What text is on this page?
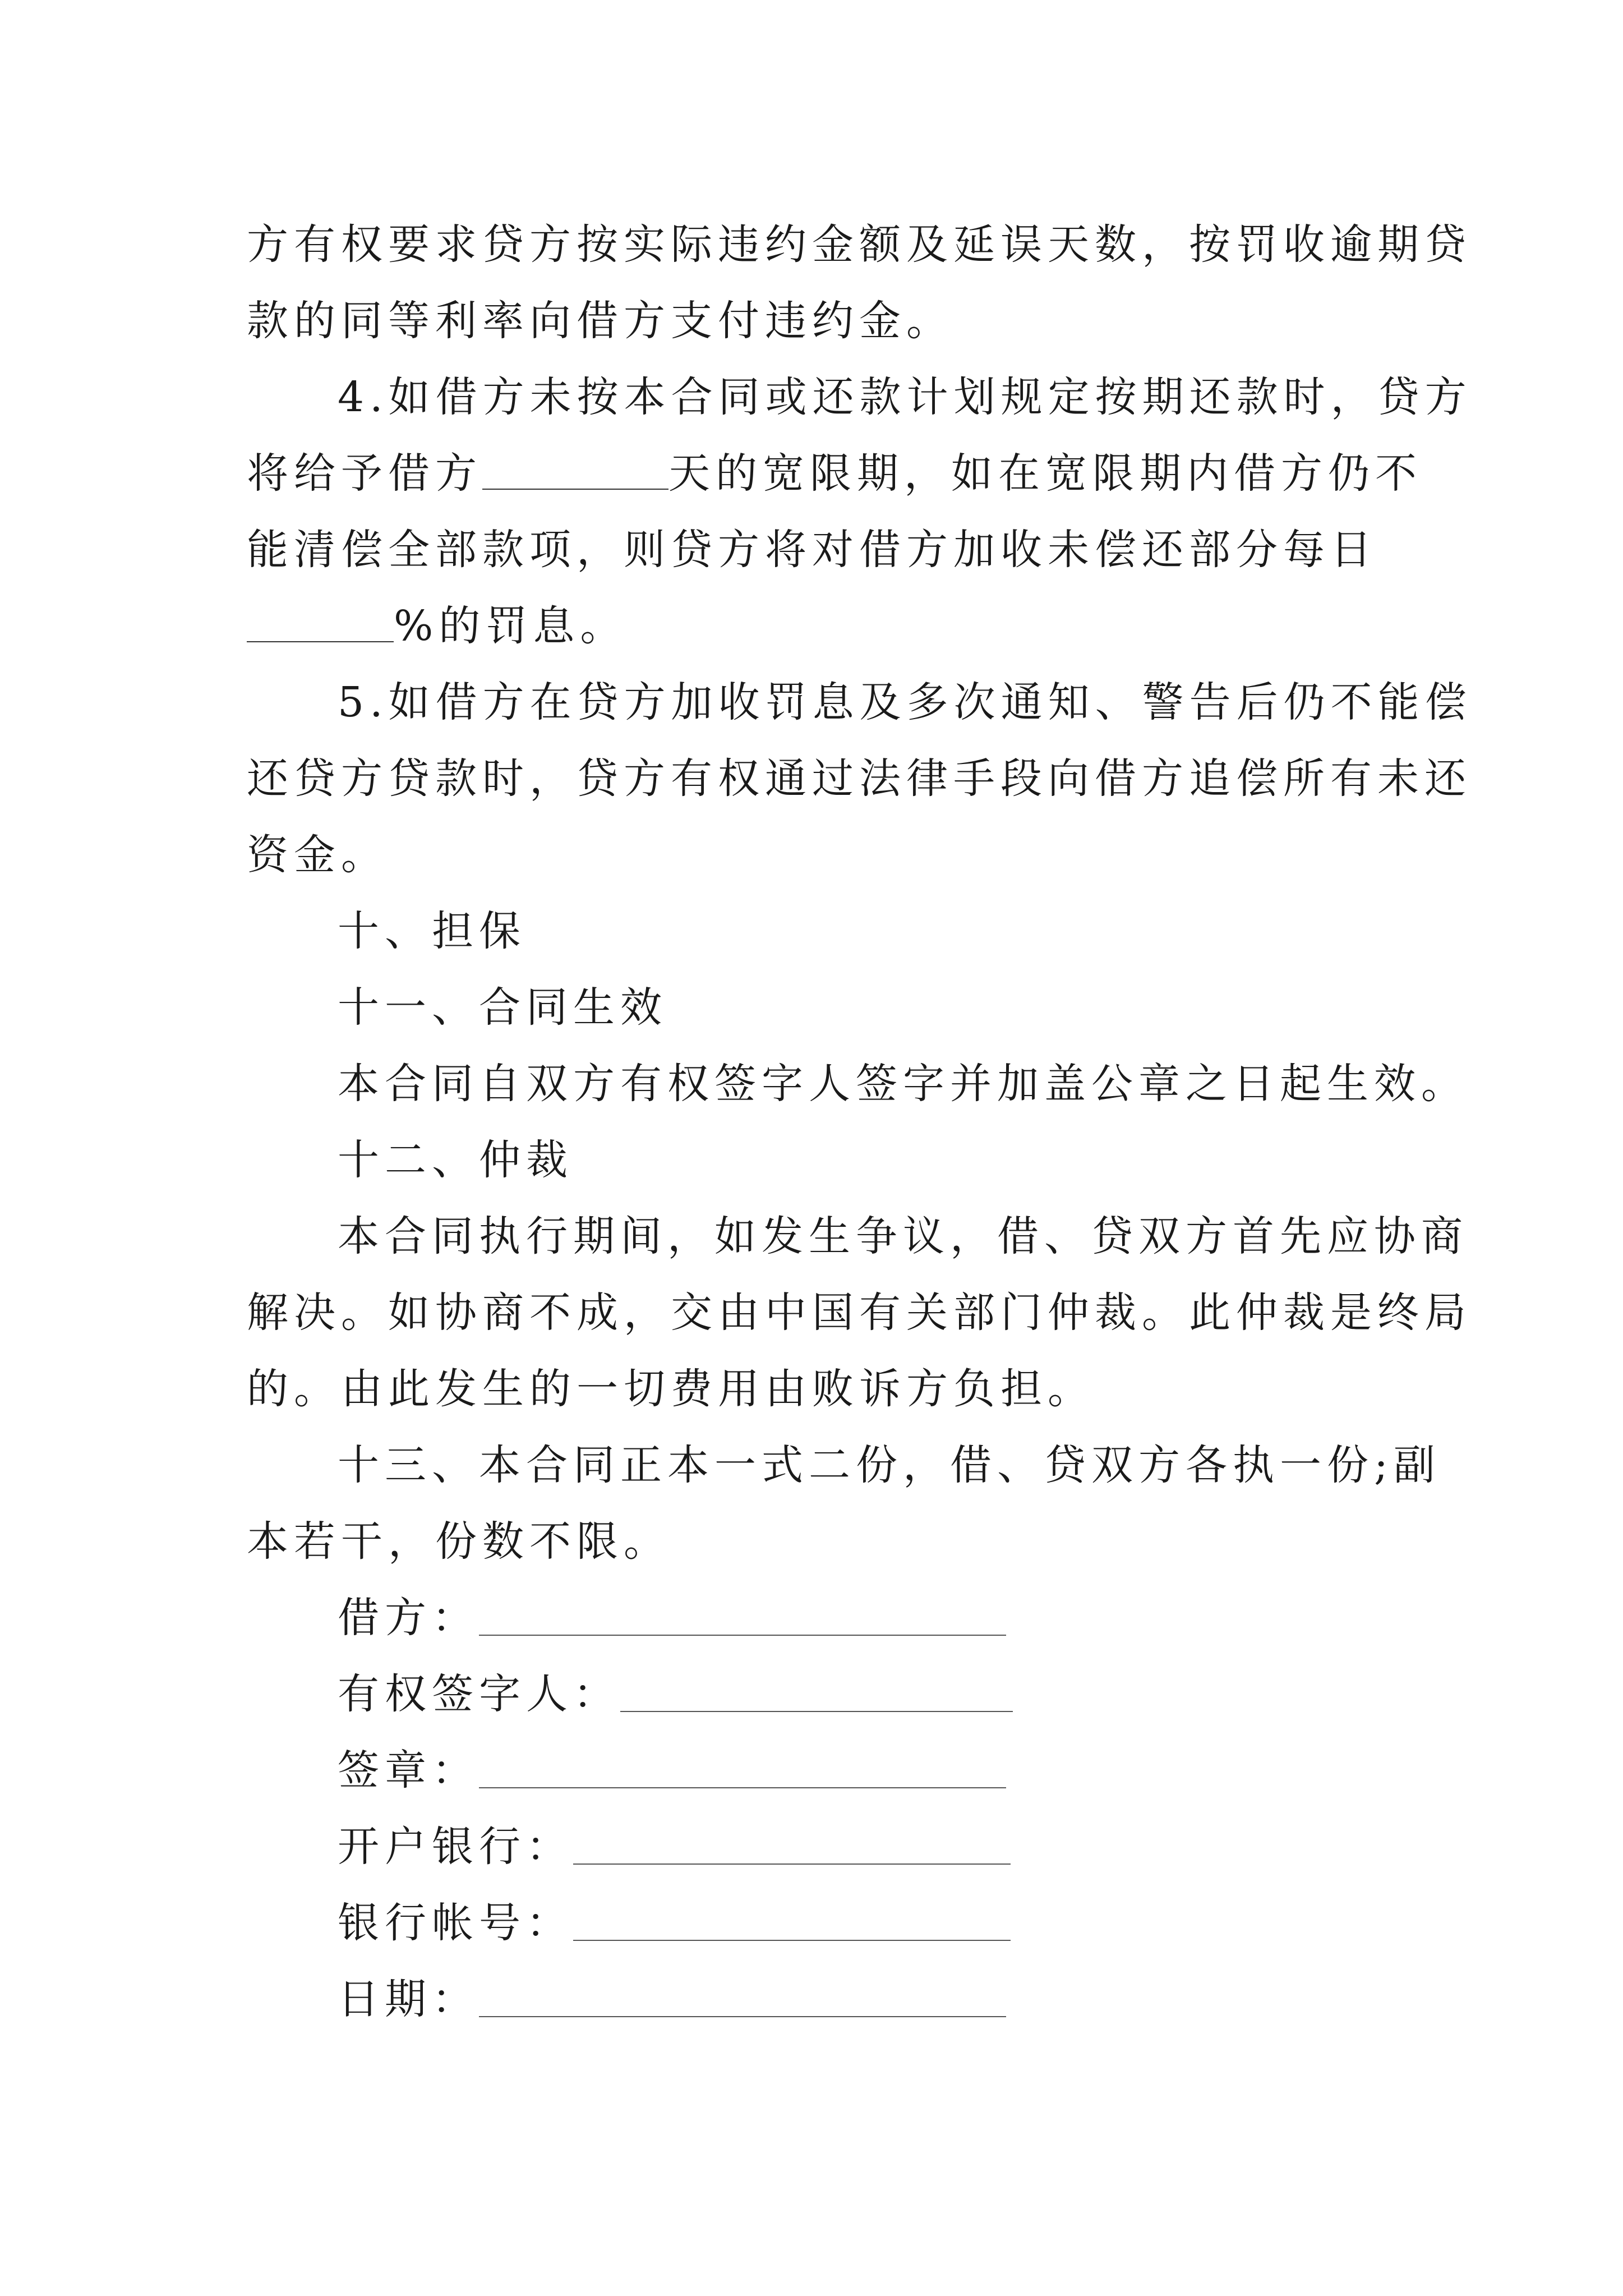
方有权要求贷方按实际违约金额及延误天数，按罚收逾期贷
款的同等利率向借方支付违约金。
4.如借方未按本合同或还款计划规定按期还款时，贷方
将给予借方	天的宽限期，如在宽限期内借方仍不
能清偿全部款项，则贷方将对借方加收未偿还部分每日
%的罚息。
5.如借方在贷方加收罚息及多次通知、警告后仍不能偿
还贷方贷款时，贷方有权通过法律手段向借方追偿所有未还
资金。
十、担保
十一、合同生效
本合同自双方有权签字人签字并加盖公章之日起生效。
十二、仲裁
本合同执行期间，如发生争议，借、贷双方首先应协商
解决。如协商不成，交由中国有关部门仲裁。此仲裁是终局
的。由此发生的一切费用由败诉方负担。
十三、本合同正本一式二份，借、贷双方各执一份;副
本若干，份数不限。
借方：
有权签字人：
签章：
开户银行：
银行帐号：
日期：
